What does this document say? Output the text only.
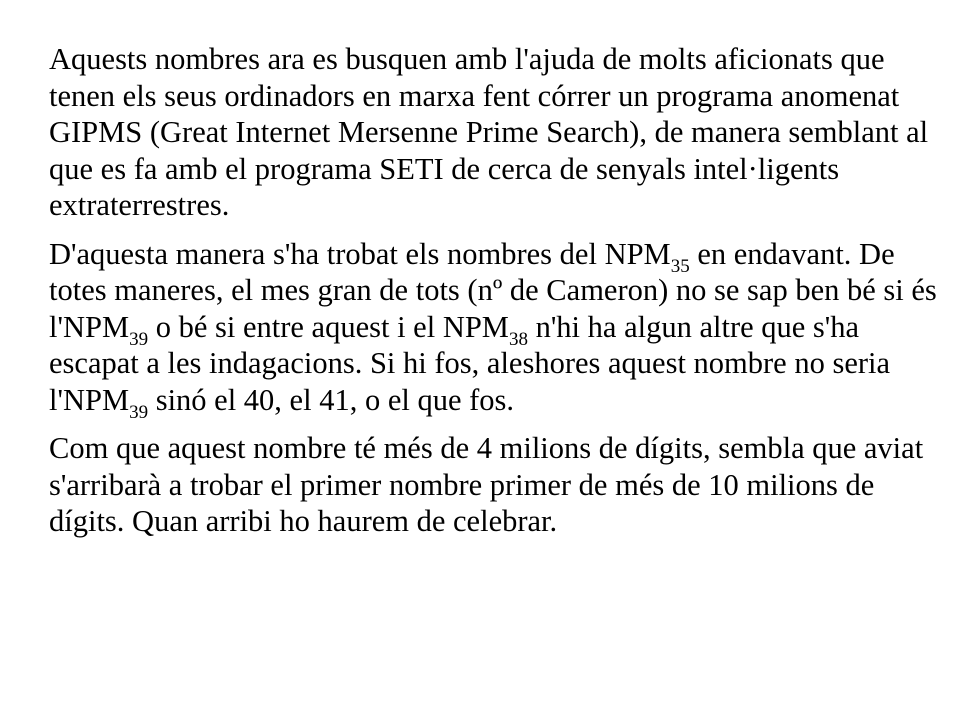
Aquests nombres ara es busquen amb l'ajuda de molts aficionats que tenen els seus ordinadors en marxa fent córrer un programa anomenat GIPMS (Great Internet Mersenne Prime Search), de manera semblant al que es fa amb el programa SETI de cerca de senyals intel·ligents extraterrestres.

D'aquesta manera s'ha trobat els nombres del $NPM_{35}$ en endavant. De totes maneres, el mes gran de tots (nº de Cameron) no se sap ben bé si és $l'NPM_{39}$ o bé si entre aquest i el $NPM_{38}$ n'hi ha algun altre que s'ha escapat a les indagacions. Si hi fos, aleshores aquest nombre no seria $l'NPM_{39}$ sinó el 40, el 41, o el que fos.

Com que aquest nombre té més de 4 milions de dígits, sembla que aviat s'arribarà a trobar el primer nombre primer de més de 10 milions de dígits. Quan arribi ho haurem de celebrar.
